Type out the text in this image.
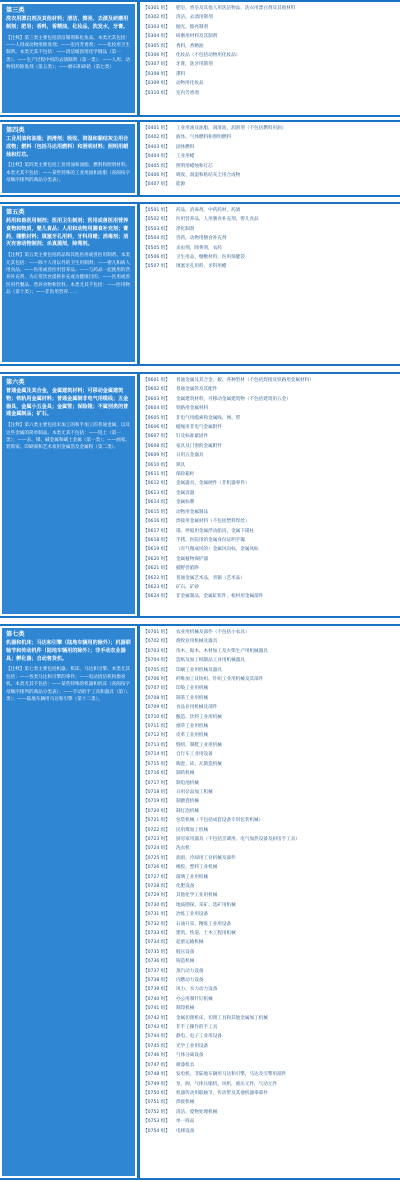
第三类
洗衣用漂白剂及其他材料；清洁、擦亮、去渍及研磨用制剂；肥皂；香料，香精油，化妆品，洗发水，牙膏。
【注释】第三类主要包括清洁制剂和化妆品。本类尤其包括：——人用或动物用除臭剂；——室内芳香剂；——化妆用卫生制剂。本类尤其不包括：——清洁烟囱用化学制品（第一类）；——生产过程中用的去渍制剂（第一类）；——人用、动物用药除臭剂（第五类）；——磨石和砂轮（第七类）
【0301 组】 肥皂、香皂及其他人用洗洁物品，洗衣用漂白剂及其他材料
【0302 组】 清洁、去渍用制剂
【0303 组】 抛光、擦亮制剂
【0304 组】 研磨用材料及其制剂
【0305 组】 香料，香精油
【0306 组】 化妆品（不包括动物用化妆品）
【0307 组】 牙膏，洗牙用制剂
【0308 组】 熏料
【0309 组】 动物用化妆品
【0310 组】 室内芳香剂
第四类
工业用油和油脂；润滑剂；吸收、润湿和黏结灰尘用合成物；燃料（包括马达用燃料）和照明材料；照明用蜡烛和灯芯。
【注释】第四类主要包括工业用油和油脂、燃料和照明材料。本类尤其不包括：——某些特殊的工业用油和油脂（查阅按字母顺序排列的商品分类表）。
【0401 组】 工业用油及油脂，润滑油，润滑剂（不包括燃料用油）
【0402 组】 液体、气体燃料和照明燃料
【0403 组】 固体燃料
【0404 组】 工业用蜡
【0405 组】 照明用蜡烛和灯芯
【0406 组】 吸收、润湿和粘结灰尘用合成物
【0407 组】 能源
第五类
药用和兽医用制剂；医用卫生制剂；医用或兽医用营养食物和物质，婴儿食品；人用和动物用膳食补充剂；膏药，绷敷材料；填塞牙孔用料，牙科用蜡；消毒剂；消灭有害动物制剂；杀真菌剂，除莠剂。
【注释】第五类主要包括药品和其他医用或兽医用制剂。本类尤其包括：——除个人用以外的卫生用制剂；——婴儿和病人用食品；——医用或兽医用营养品；——与药品一起使用的营养补充剂，为正常饮食提供补充或为健康目的；——医用或兽医用代餐品、营养食物和饮料。本类尤其不包括：——医用物品（第十类）；——非医用营养……
【0501 组】 药品，消毒剂，中药药材，药酒
【0502 组】 医用营养品，人用膳食补充剂，婴儿食品
【0503 组】 净化制剂
【0504 组】 兽药，动物用膳食补充剂
【0505 组】 杀虫剂，除莠剂，农药
【0506 组】 卫生用品，绷敷材料，医用保健袋
【0507 组】 填塞牙孔用料，牙科用蜡
第六类
普通金属及其合金，金属建筑材料；可移动金属建筑物；铁轨用金属材料；普通金属制非电气用缆线；五金器具，金属小五金具；金属管；保险箱；不属别类的普通金属制品；矿石。
【注释】第六类主要包括未加工的和半加工的普通金属，以及这些金属的简单制品。本类尤其不包括：——铝土（第一类）；——汞、锑、碱金属和碱土金属（第一类）；——画家、装饰家、印刷商和艺术家用金属箔及金属粉（第二类）。
【0601 组】 普通金属及其合金、板、各种型材（不包括焊接及铁路用金属材料）
【0602 组】 普通金属管及其配件
【0603 组】 金属建筑材料，可移动金属建筑物（不包括建筑用五金）
【0604 组】 铁路用金属材料
【0605 组】 非电气用缆索和金属线、网、带
【0606 组】 缆绳用非电气金属附件
【0607 组】 钉及标准紧固件
【0608 组】 家具及门窗的金属附件
【0609 组】 日用五金器具
【0610 组】 锁具
【0611 组】 保险箱柜
【0612 组】 金属器具，金属硬件（非机器零件）
【0613 组】 金属容器
【0614 组】 金属标牌
【0615 组】 动物用金属制品
【0616 组】 焊接用金属材料（不包括塑料焊丝）
【0617 组】 锚，停船用金属浮动船坞，金属下锚柱
【0618 组】 手铐，医院用的金属身份证明手镯
【0619 组】 （有气微成风的）金属风向标，金属风标
【0620 组】 金属植物保护器
【0621 组】 捕野兽陷阱
【0622 组】 普通金属艺术品，青铜（艺术品）
【0623 组】 矿石，矿砂
【0624 组】 非金属制品，金属缸钮件，棺材用金属部件
第七类
机器和机床；马达和引擎（陆地车辆用的除外）；机器联轴节和传动机件（陆地车辆用的除外）；非手动农业器具；孵化器；自动售货机。
【注释】第七类主要包括机器、机床、马达和引擎。本类尤其包括：——各类马达和引擎的零件；——电动清洁机和擦亮机。本类尤其不包括：——某些特殊的机器和机床（查阅按字母顺序排列的商品分类表）；——手动的手工具和器具（第八类）；——陆地车辆用马达和引擎（第十二类）。
【0701 组】 农业用机械及部件（不包括小农具）
【0702 组】 渔牧业用机械及器具
【0703 组】 伐木、锯木、木材加工及火柴生产用机械器具
【0704 组】 造纸及加工纸制品工业用机械器具
【0705 组】 印刷工业用机械及器具
【0706 组】 纤维加工及纺织、针织工业用机械及其部件
【0707 组】 印染工业用机械
【0708 组】 制茶工业用机械
【0709 组】 食品业用机械及部件
【0710 组】 酿造、饮料工业用机械
【0711 组】 烟草工业用机械
【0712 组】 皮革工业用机械
【0713 组】 缝纫、制鞋工业用机械
【0714 组】 自行车工业用设备
【0715 组】 陶瓷、砖、瓦制造机械
【0716 组】 制药机械
【0717 组】 制电池机械
【0718 组】 日用杂品加工机械
【0719 组】 制搪瓷机械
【0720 组】 制灯泡机械
【0721 组】 包装机械（不包括成套设备专用包装机械）
【0722 组】 民用煤加工机械
【0723 组】 厨房家用器具（不包括烹调用、电气加热设备及厨房手工具）
【0724 组】 洗衣机
【0725 组】 润滑、冷却用工业机械及部件
【0726 组】 橡胶、塑料工业机械
【0727 组】 玻璃工业用机械
【0728 组】 化肥设备
【0729 组】 其他化学工业用机械
【0730 组】 地质勘探、采矿、选矿用机械
【0731 组】 冶炼工业用设备
【0732 组】 石油开采、精炼工业用设备
【0733 组】 建筑、铁道、土木工程用机械
【0734 组】 起重运输机械
【0735 组】 锻压设备
【0736 组】 铸造机械
【0737 组】 蒸汽动力设备
【0738 组】 内燃动力设备
【0739 组】 风力、水力动力设备
【0740 组】 办公用制针钉机械
【0741 组】 制印机械
【0742 组】 金属切削机床，切削工具和其他金属加工机械
【0743 组】 非手工操作的手工具
【0744 组】 静电、电子工业用设备
【0745 组】 光学工业用设备
【0746 组】 气体分离设备
【0747 组】 喷漆机具
【0748 组】 发电机，非陆地车辆用马达和引擎，马达及引擎用部件
【0749 组】 泵，阀，气体压缩机，风机，液压元件，气动元件
【0750 组】 机器传动用联轴节，传动带及其他机器零部件
【0751 组】 焊接机械
【0752 组】 清洁、废物处理机械
【0753 组】 单一商品
【0754 组】 电梯设备
